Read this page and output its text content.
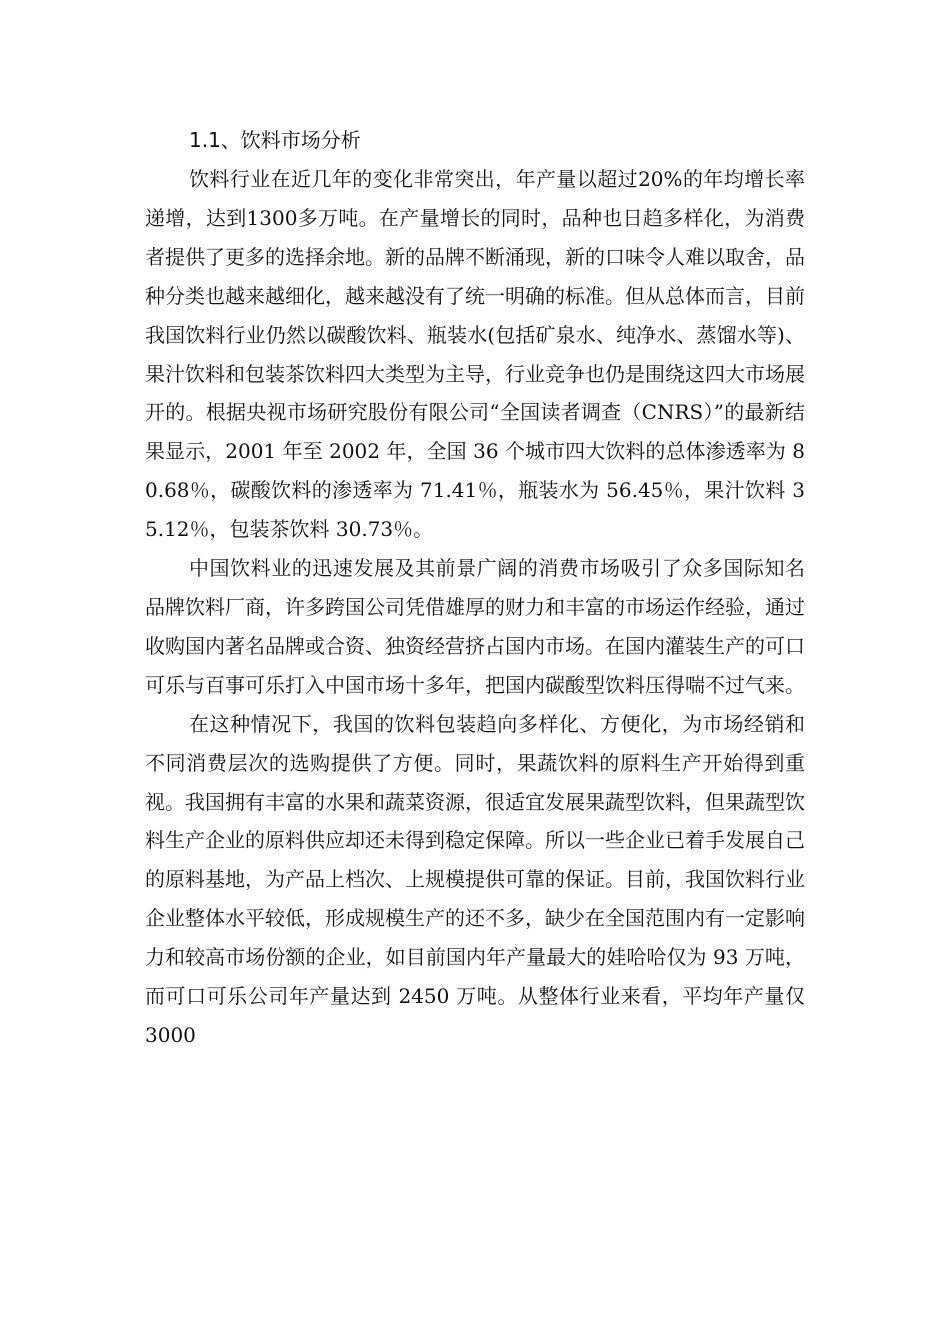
1.1、饮料市场分析

饮料行业在近几年的变化非常突出，年产量以超过20%的年均增长率递增，达到1300多万吨。在产量增长的同时，品种也日趋多样化，为消费者提供了更多的选择余地。新的品牌不断涌现，新的口味令人难以取舍，品种分类也越来越细化，越来越没有了统一明确的标准。但从总体而言，目前我国饮料行业仍然以碳酸饮料、瓶装水(包括矿泉水、纯净水、蒸馏水等)、果汁饮料和包装茶饮料四大类型为主导，行业竞争也仍是围绕这四大市场展开的。根据央视市场研究股份有限公司“全国读者调查（CNRS）”的最新结果显示，2001 年至 2002 年，全国 36 个城市四大饮料的总体渗透率为 80.68％，碳酸饮料的渗透率为 71.41％，瓶装水为 56.45％，果汁饮料 35.12％，包装茶饮料 30.73％。

中国饮料业的迅速发展及其前景广阔的消费市场吸引了众多国际知名品牌饮料厂商，许多跨国公司凭借雄厚的财力和丰富的市场运作经验，通过收购国内著名品牌或合资、独资经营挤占国内市场。在国内灌装生产的可口可乐与百事可乐打入中国市场十多年，把国内碳酸型饮料压得喘不过气来。

在这种情况下，我国的饮料包装趋向多样化、方便化，为市场经销和不同消费层次的选购提供了方便。同时，果蔬饮料的原料生产开始得到重视。我国拥有丰富的水果和蔬菜资源，很适宜发展果蔬型饮料，但果蔬型饮料生产企业的原料供应却还未得到稳定保障。所以一些企业已着手发展自己的原料基地，为产品上档次、上规模提供可靠的保证。目前，我国饮料行业企业整体水平较低，形成规模生产的还不多，缺少在全国范围内有一定影响力和较高市场份额的企业，如目前国内年产量最大的娃哈哈仅为 93 万吨，而可口可乐公司年产量达到 2450 万吨。从整体行业来看，平均年产量仅 3000
